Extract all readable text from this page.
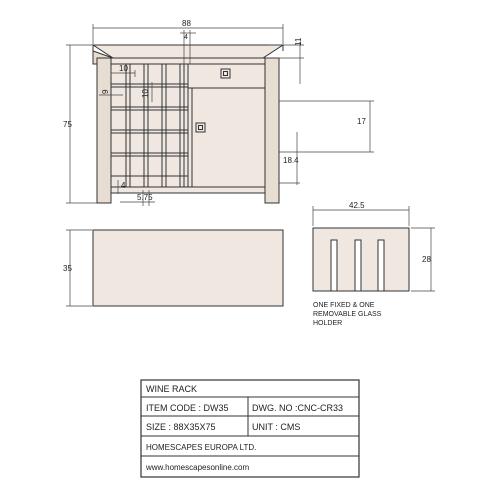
88
4
75
11
17
18.4
10
10
9
4
5.75
35
42.5
28
ONE FIXED & ONE
REMOVABLE GLASS
HOLDER
WINE RACK
ITEM CODE : DW35	DWG. NO :CNC-CR33
SIZE : 88X35X75	UNIT : CMS
HOMESCAPES EUROPA LTD.
www.homescapesonline.com
